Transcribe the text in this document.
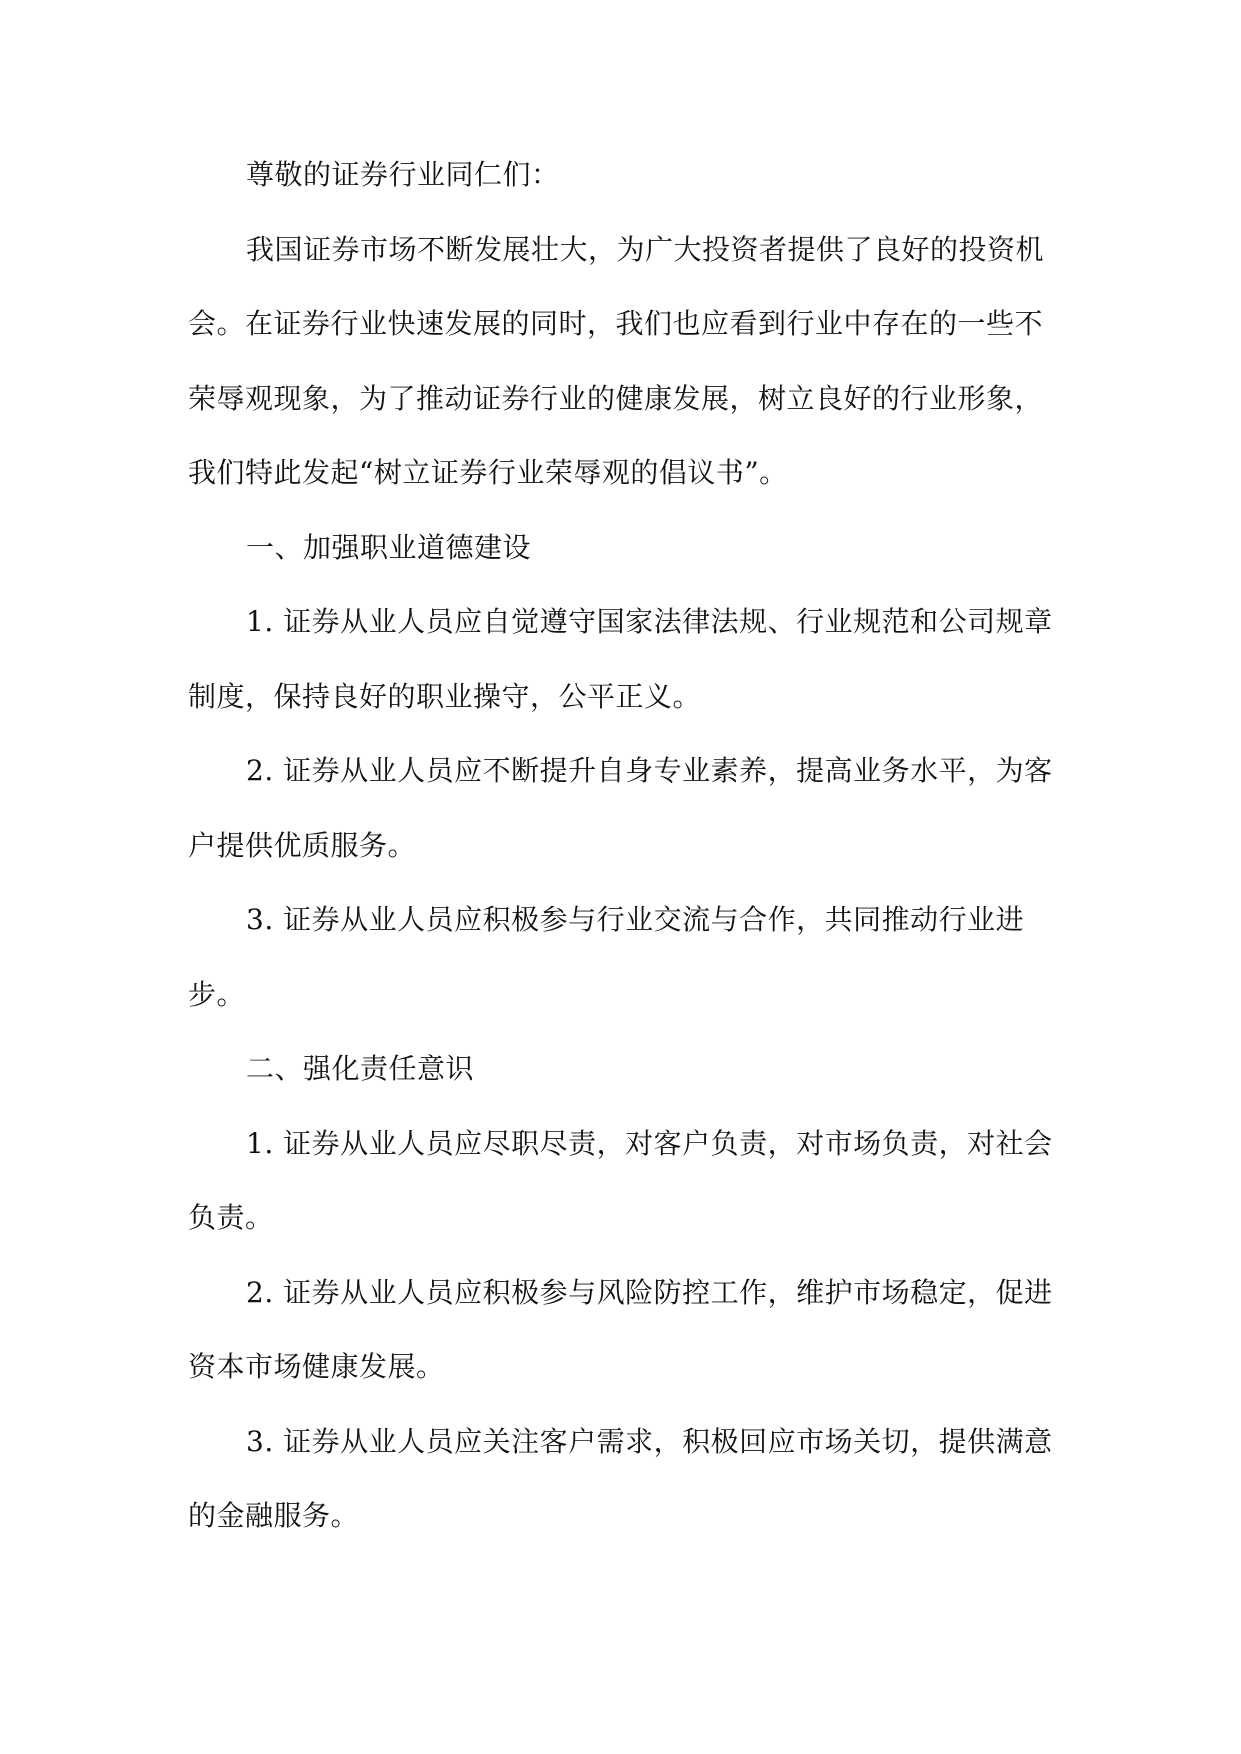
尊敬的证券行业同仁们：

我国证券市场不断发展壮大，为广大投资者提供了良好的投资机会。在证券行业快速发展的同时，我们也应看到行业中存在的一些不荣辱观现象，为了推动证券行业的健康发展，树立良好的行业形象，我们特此发起“树立证券行业荣辱观的倡议书”。

一、加强职业道德建设

1. 证券从业人员应自觉遵守国家法律法规、行业规范和公司规章制度，保持良好的职业操守，公平正义。

2. 证券从业人员应不断提升自身专业素养，提高业务水平，为客户提供优质服务。

3. 证券从业人员应积极参与行业交流与合作，共同推动行业进步。

二、强化责任意识

1. 证券从业人员应尽职尽责，对客户负责，对市场负责，对社会负责。

2. 证券从业人员应积极参与风险防控工作，维护市场稳定，促进资本市场健康发展。

3. 证券从业人员应关注客户需求，积极回应市场关切，提供满意的金融服务。
